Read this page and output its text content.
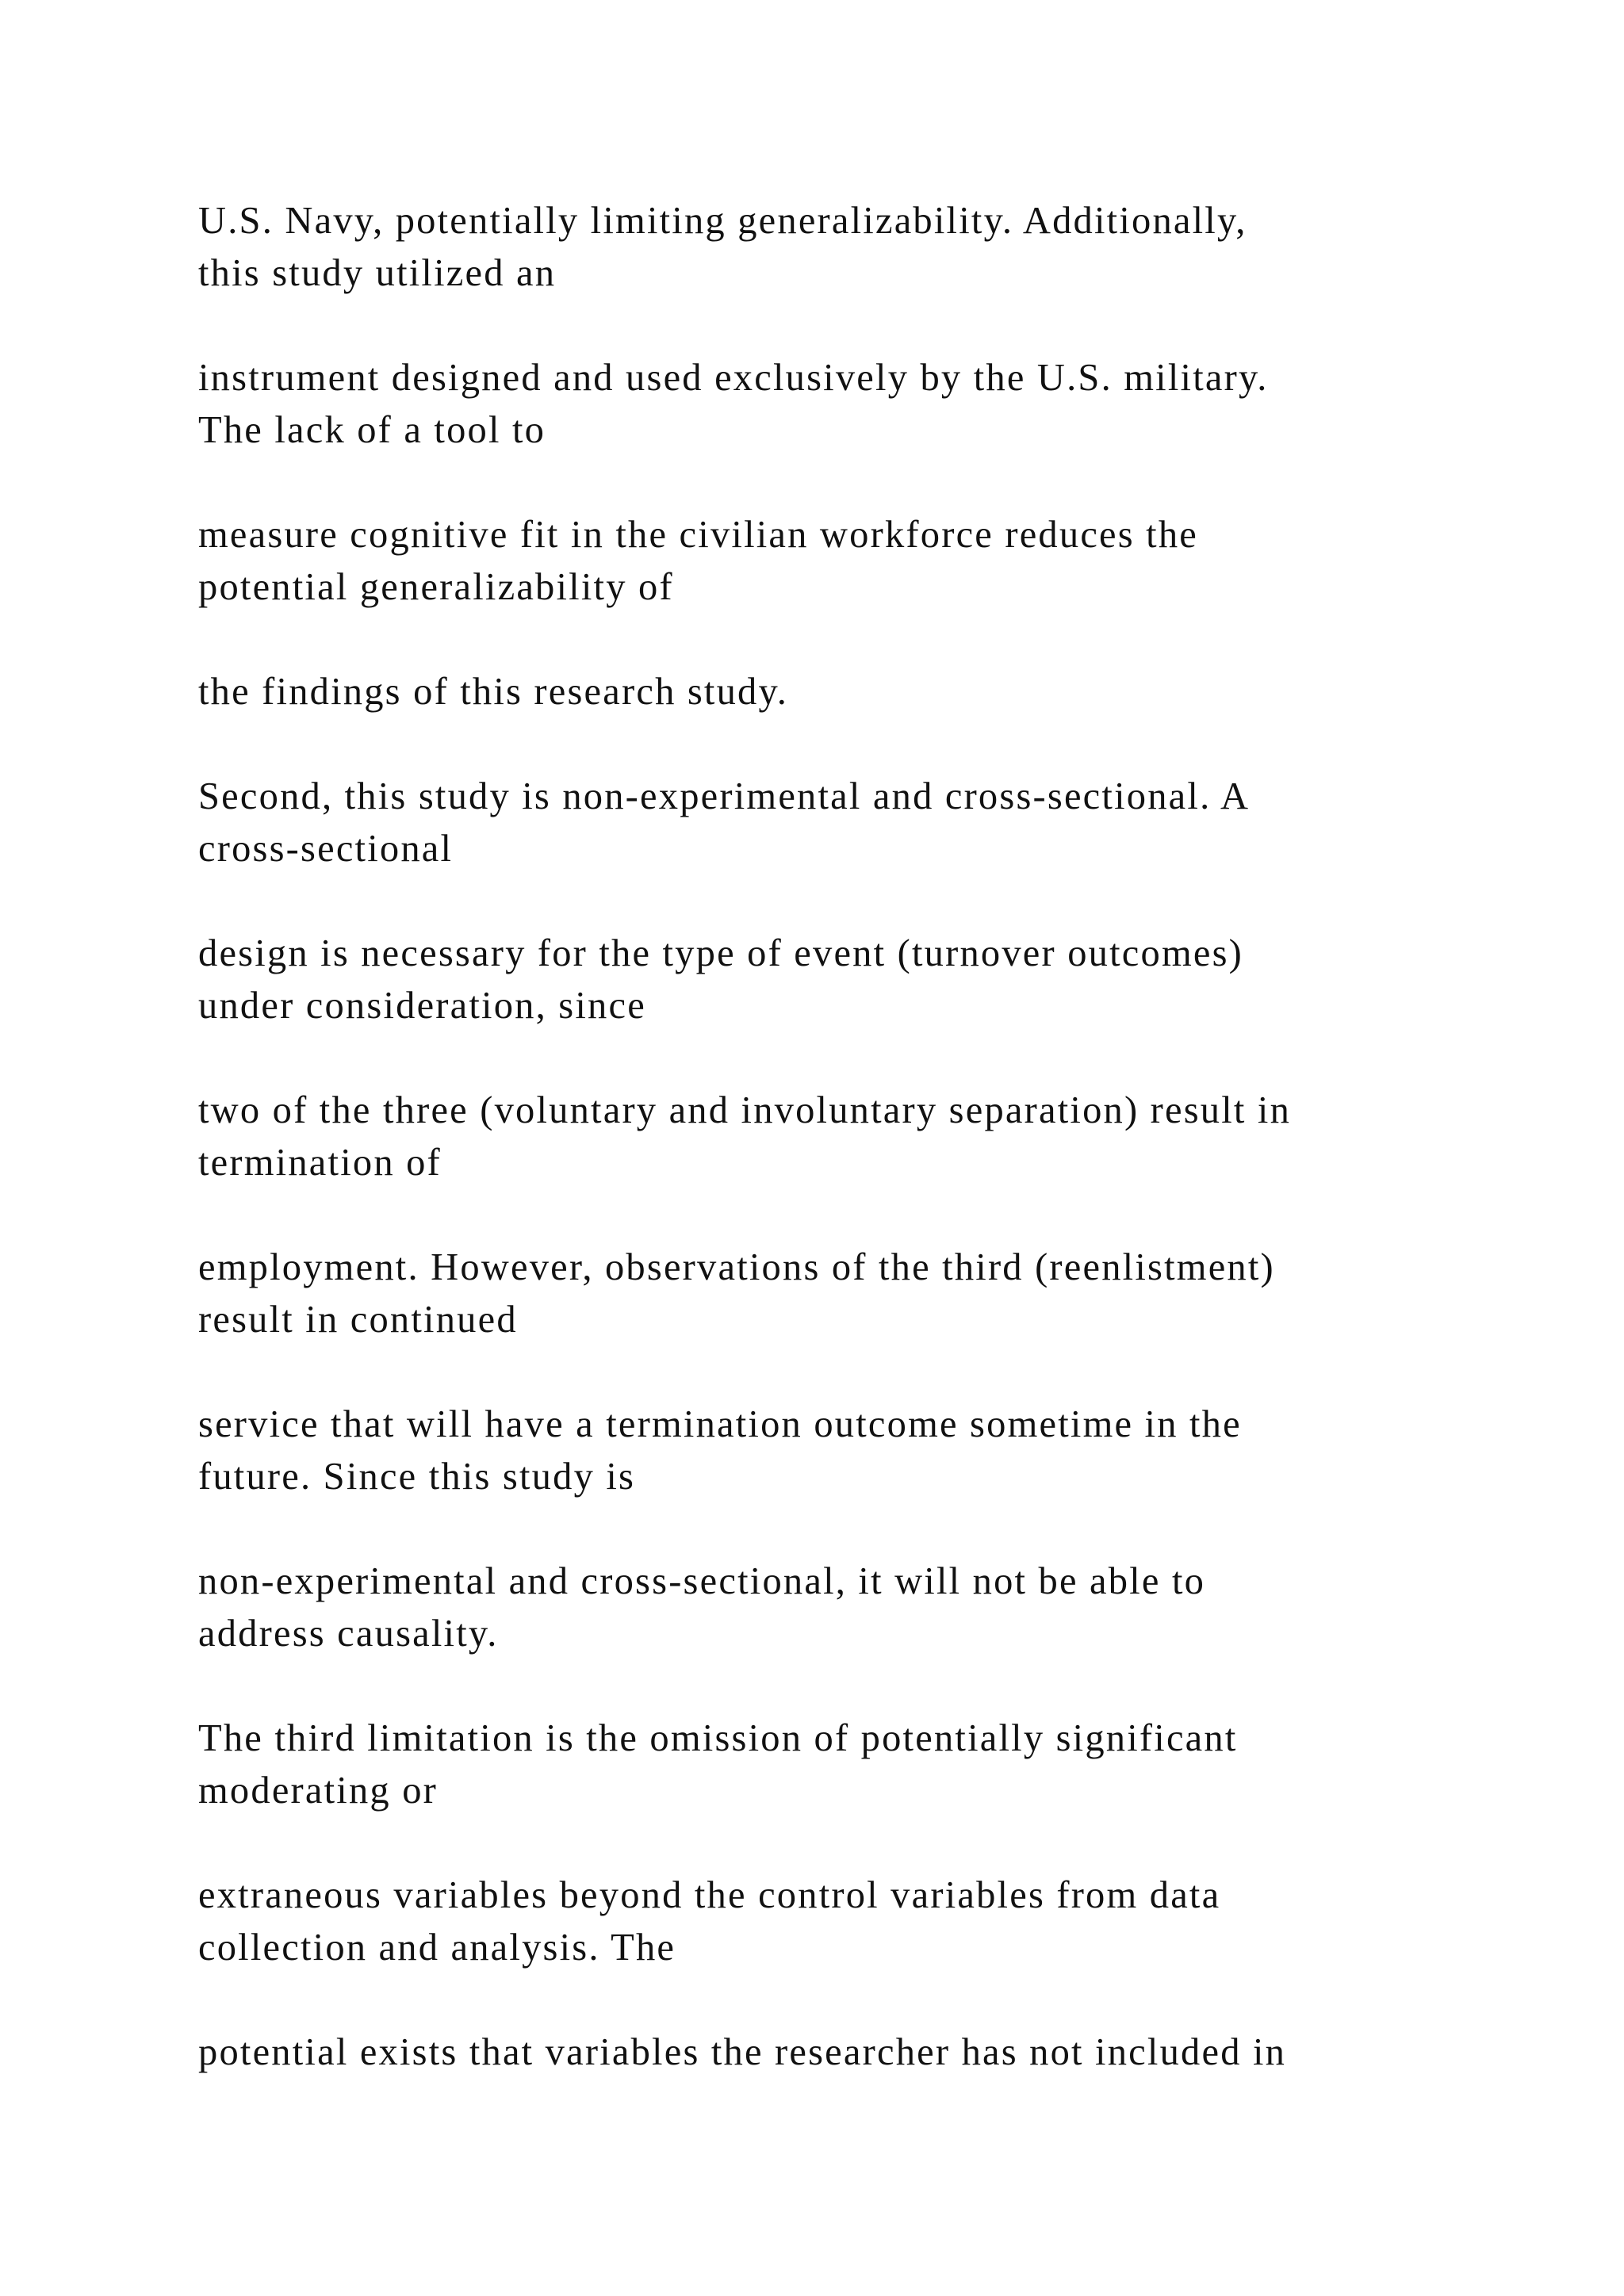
U.S. Navy, potentially limiting generalizability. Additionally,
this study utilized an

instrument designed and used exclusively by the U.S. military.
The lack of a tool to

measure cognitive fit in the civilian workforce reduces the
potential generalizability of

the findings of this research study.

Second, this study is non-experimental and cross-sectional. A
cross-sectional

design is necessary for the type of event (turnover outcomes)
under consideration, since

two of the three (voluntary and involuntary separation) result in
termination of

employment. However, observations of the third (reenlistment)
result in continued

service that will have a termination outcome sometime in the
future. Since this study is

non-experimental and cross-sectional, it will not be able to
address causality.

The third limitation is the omission of potentially significant
moderating or

extraneous variables beyond the control variables from data
collection and analysis. The

potential exists that variables the researcher has not included in
